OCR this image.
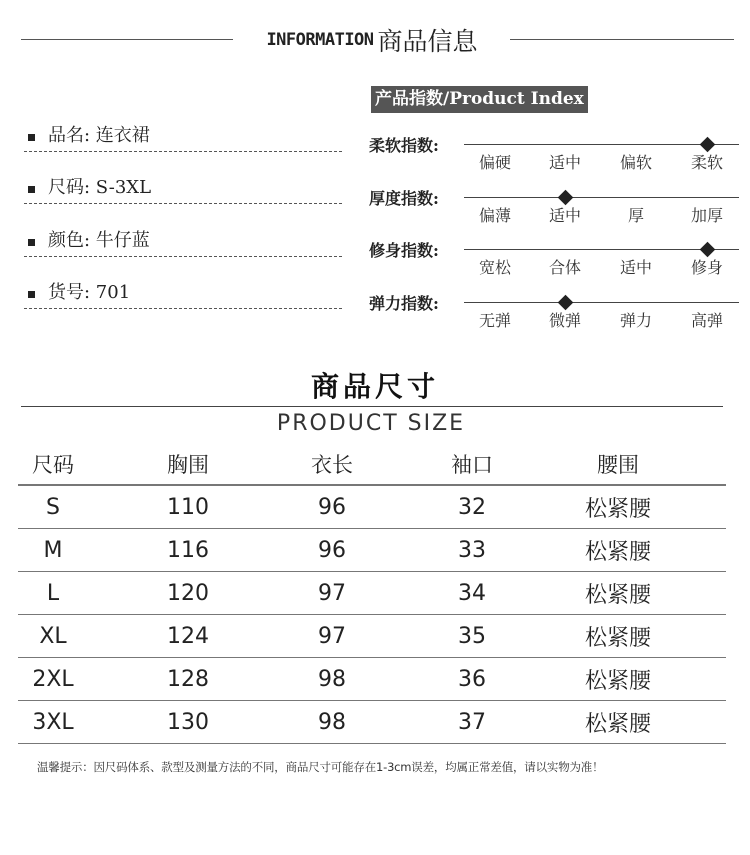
INFORMATION 商品信息
品名: 连衣裙
尺码: S-3XL
颜色: 牛仔蓝
货号: 701
产品指数/Product Index
柔软指数:
偏硬	适中	偏软	柔软
厚度指数:
偏薄	适中	厚	加厚
修身指数:
宽松	合体	适中	修身
弹力指数:
无弹	微弹	弹力	高弹
商品尺寸
PRODUCT SIZE
尺码	胸围	衣长	袖口	腰围
S	110	96	32	松紧腰
M	116	96	33	松紧腰
L	120	97	34	松紧腰
XL	124	97	35	松紧腰
2XL	128	98	36	松紧腰
3XL	130	98	37	松紧腰
温馨提示：因尺码体系、款型及测量方法的不同，商品尺寸可能存在1-3cm误差，均属正常差值，请以实物为准！
